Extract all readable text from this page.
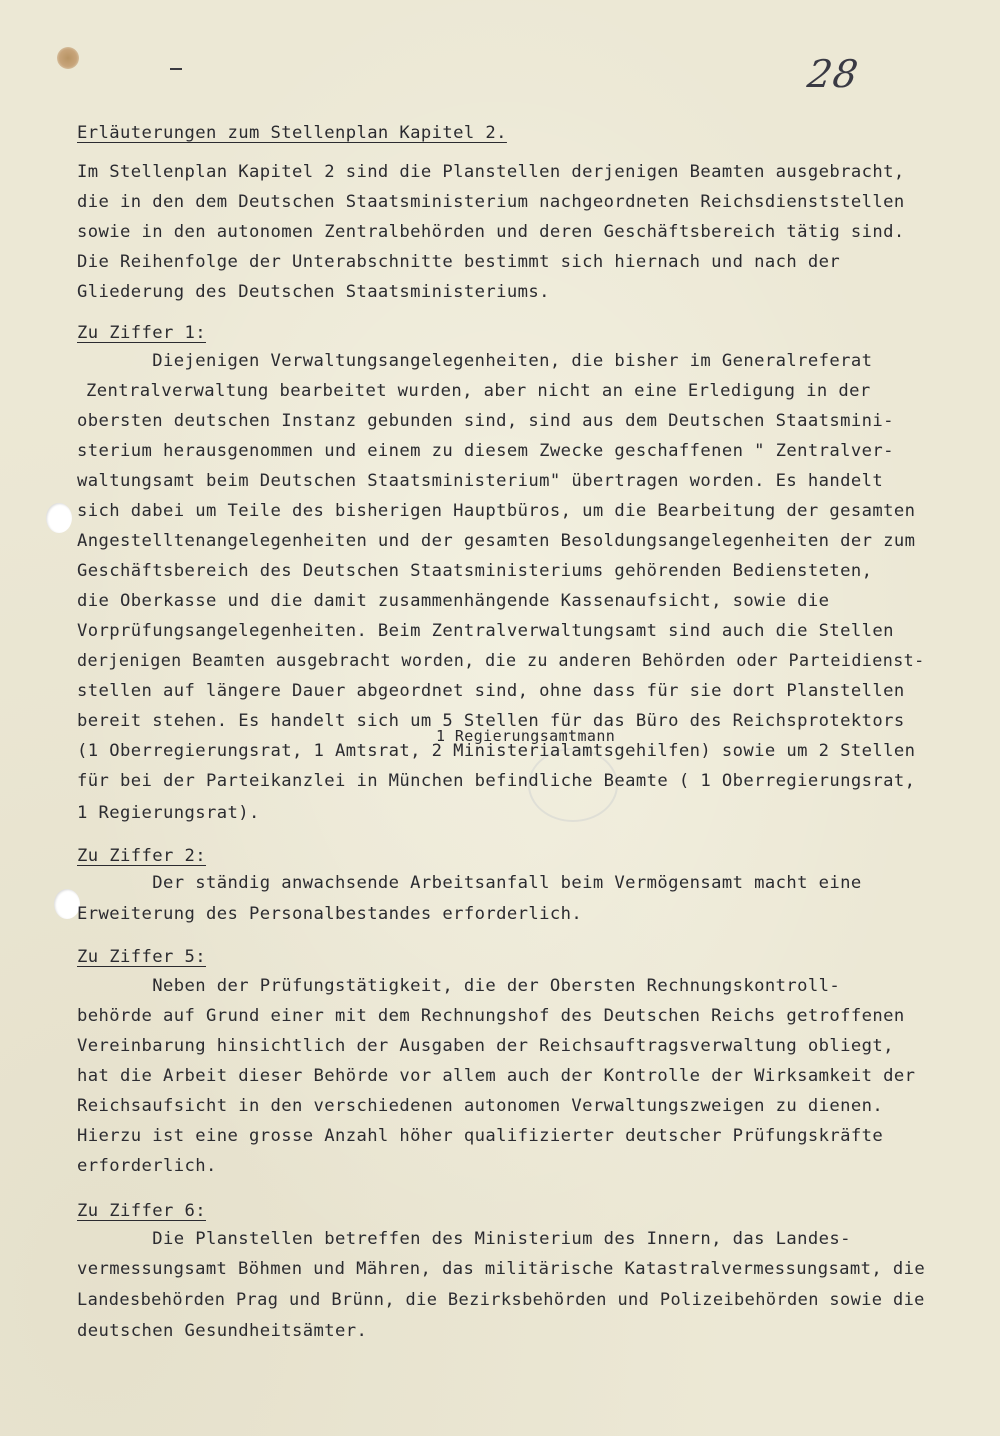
28
Erläuterungen zum Stellenplan Kapitel 2.
Im Stellenplan Kapitel 2 sind die Planstellen derjenigen Beamten ausgebracht,
die in den dem Deutschen Staatsministerium nachgeordneten Reichsdienststellen
sowie in den autonomen Zentralbehörden und deren Geschäftsbereich tätig sind.
Die Reihenfolge der Unterabschnitte bestimmt sich hiernach und nach der
Gliederung des Deutschen Staatsministeriums.
Zu Ziffer 1:
Diejenigen Verwaltungsangelegenheiten, die bisher im Generalreferat
Zentralverwaltung bearbeitet wurden, aber nicht an eine Erledigung in der
obersten deutschen Instanz gebunden sind, sind aus dem Deutschen Staatsmini-
sterium herausgenommen und einem zu diesem Zwecke geschaffenen " Zentralver-
waltungsamt beim Deutschen Staatsministerium" übertragen worden. Es handelt
sich dabei um Teile des bisherigen Hauptbüros, um die Bearbeitung der gesamten
Angestelltenangelegenheiten und der gesamten Besoldungsangelegenheiten der zum
Geschäftsbereich des Deutschen Staatsministeriums gehörenden Bediensteten,
die Oberkasse und die damit zusammenhängende Kassenaufsicht, sowie die
Vorprüfungsangelegenheiten. Beim Zentralverwaltungsamt sind auch die Stellen
derjenigen Beamten ausgebracht worden, die zu anderen Behörden oder Parteidienst-
stellen auf längere Dauer abgeordnet sind, ohne dass für sie dort Planstellen
bereit stehen. Es handelt sich um 5 Stellen für das Büro des Reichsprotektors
1 Regierungsamtmann
(1 Oberregierungsrat, 1 Amtsrat, 2 Ministerialamtsgehilfen) sowie um 2 Stellen
für bei der Parteikanzlei in München befindliche Beamte ( 1 Oberregierungsrat,
1 Regierungsrat).
Zu Ziffer 2:
Der ständig anwachsende Arbeitsanfall beim Vermögensamt macht eine
Erweiterung des Personalbestandes erforderlich.
Zu Ziffer 5:
Neben der Prüfungstätigkeit, die der Obersten Rechnungskontroll-
behörde auf Grund einer mit dem Rechnungshof des Deutschen Reichs getroffenen
Vereinbarung hinsichtlich der Ausgaben der Reichsauftragsverwaltung obliegt,
hat die Arbeit dieser Behörde vor allem auch der Kontrolle der Wirksamkeit der
Reichsaufsicht in den verschiedenen autonomen Verwaltungszweigen zu dienen.
Hierzu ist eine grosse Anzahl höher qualifizierter deutscher Prüfungskräfte
erforderlich.
Zu Ziffer 6:
Die Planstellen betreffen des Ministerium des Innern, das Landes-
vermessungsamt Böhmen und Mähren, das militärische Katastralvermessungsamt, die
Landesbehörden Prag und Brünn, die Bezirksbehörden und Polizeibehörden sowie die
deutschen Gesundheitsämter.
